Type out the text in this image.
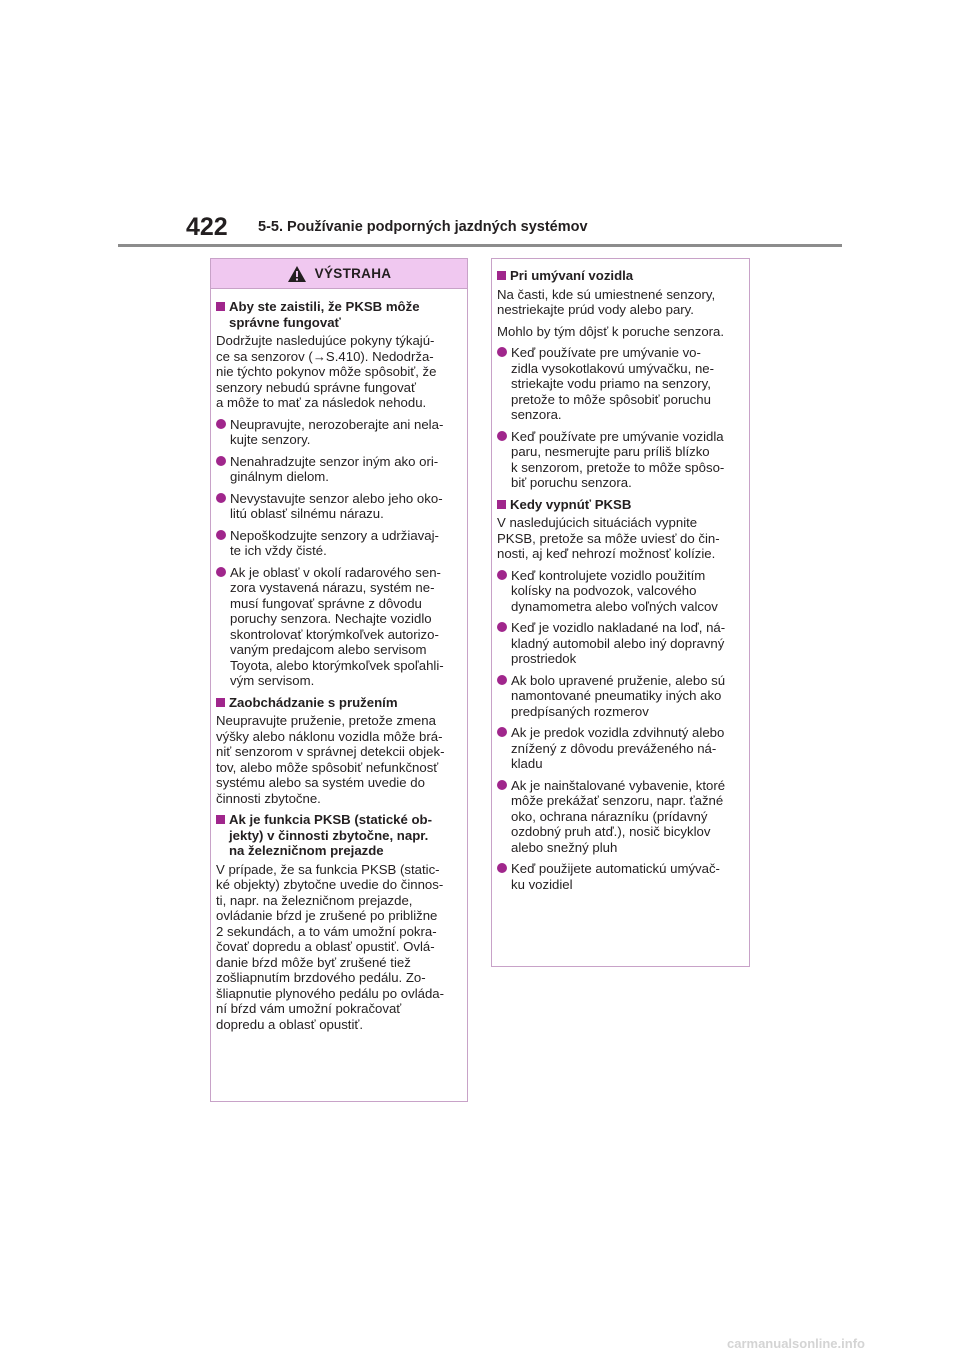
422 5-5. Používanie podporných jazdných systémov
VÝSTRAHA
Aby ste zaistili, že PKSB môže
správne fungovať
Dodržujte nasledujúce pokyny týkajú-
ce sa senzorov (→S.410). Nedodrža-
nie týchto pokynov môže spôsobiť, že
senzory nebudú správne fungovať
a môže to mať za následok nehodu.
Neupravujte, nerozoberajte ani nela-
kujte senzory.
Nenahradzujte senzor iným ako ori-
ginálnym dielom.
Nevystavujte senzor alebo jeho oko-
litú oblasť silnému nárazu.
Nepoškodzujte senzory a udržiavaj-
te ich vždy čisté.
Ak je oblasť v okolí radarového sen-
zora vystavená nárazu, systém ne-
musí fungovať správne z dôvodu
poruchy senzora. Nechajte vozidlo
skontrolovať ktorýmkoľvek autorizo-
vaným predajcom alebo servisom
Toyota, alebo ktorýmkoľvek spoľahli-
vým servisom.
Zaobchádzanie s pružením
Neupravujte pruženie, pretože zmena
výšky alebo náklonu vozidla môže brá-
niť senzorom v správnej detekcii objek-
tov, alebo môže spôsobiť nefunkčnosť
systému alebo sa systém uvedie do
činnosti zbytočne.
Ak je funkcia PKSB (statické ob-
jekty) v činnosti zbytočne, napr.
na železničnom prejazde
V prípade, že sa funkcia PKSB (static-
ké objekty) zbytočne uvedie do činnos-
ti, napr. na železničnom prejazde,
ovládanie bŕzd je zrušené po približne
2 sekundách, a to vám umožní pokra-
čovať dopredu a oblasť opustiť. Ovlá-
danie bŕzd môže byť zrušené tiež
zošliapnutím brzdového pedálu. Zo-
šliapnutie plynového pedálu po ovláda-
ní bŕzd vám umožní pokračovať
dopredu a oblasť opustiť.
Pri umývaní vozidla
Na časti, kde sú umiestnené senzory,
nestriekajte prúd vody alebo pary.
Mohlo by tým dôjsť k poruche senzora.
Keď používate pre umývanie vo-
zidla vysokotlakovú umývačku, ne-
striekajte vodu priamo na senzory,
pretože to môže spôsobiť poruchu
senzora.
Keď používate pre umývanie vozidla
paru, nesmerujte paru príliš blízko
k senzorom, pretože to môže spôso-
biť poruchu senzora.
Kedy vypnúť PKSB
V nasledujúcich situáciách vypnite
PKSB, pretože sa môže uviesť do čin-
nosti, aj keď nehrozí možnosť kolízie.
Keď kontrolujete vozidlo použitím
kolísky na podvozok, valcového
dynamometra alebo voľných valcov
Keď je vozidlo nakladané na loď, ná-
kladný automobil alebo iný dopravný
prostriedok
Ak bolo upravené pruženie, alebo sú
namontované pneumatiky iných ako
predpísaných rozmerov
Ak je predok vozidla zdvihnutý alebo
znížený z dôvodu preváženého ná-
kladu
Ak je nainštalované vybavenie, ktoré
môže prekážať senzoru, napr. ťažné
oko, ochrana nárazníku (prídavný
ozdobný pruh atď.), nosič bicyklov
alebo snežný pluh
Keď použijete automatickú umývač-
ku vozidiel
carmanualsonline.info
